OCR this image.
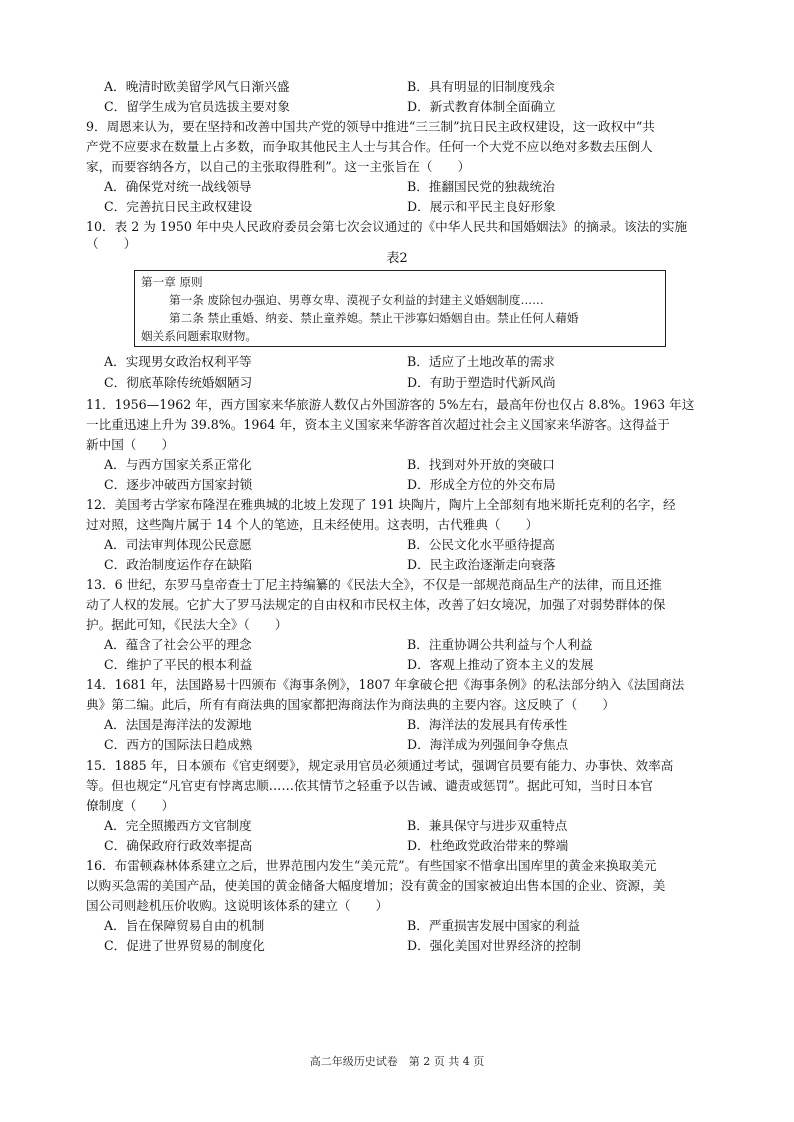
A．晚清时欧美留学风气日渐兴盛	B．具有明显的旧制度残余
C．留学生成为官员选拔主要对象	D．新式教育体制全面确立
9．周恩来认为，要在坚持和改善中国共产党的领导中推进“三三制”抗日民主政权建设，这一政权中“共
产党不应要求在数量上占多数，而争取其他民主人士与其合作。任何一个大党不应以绝对多数去压倒人
家，而要容纳各方，以自己的主张取得胜利”。这一主张旨在（　　）
A．确保党对统一战线领导	B．推翻国民党的独裁统治
C．完善抗日民主政权建设	D．展示和平民主良好形象
10．表 2 为 1950 年中央人民政府委员会第七次会议通过的《中华人民共和国婚姻法》的摘录。该法的实施
（　　）
表2
第一章 原则
第一条 废除包办强迫、男尊女卑、漠视子女利益的封建主义婚姻制度……
第二条 禁止重婚、纳妾、禁止童养媳。禁止干涉寡妇婚姻自由。禁止任何人藉婚
姻关系问题索取财物。
A．实现男女政治权利平等	B．适应了土地改革的需求
C．彻底革除传统婚姻陋习	D．有助于塑造时代新风尚
11．1956—1962 年，西方国家来华旅游人数仅占外国游客的 5%左右，最高年份也仅占 8.8%。1963 年这
一比重迅速上升为 39.8%。1964 年，资本主义国家来华游客首次超过社会主义国家来华游客。这得益于
新中国（　　）
A．与西方国家关系正常化	B．找到对外开放的突破口
C．逐步冲破西方国家封锁	D．形成全方位的外交布局
12．美国考古学家布隆涅在雅典城的北坡上发现了 191 块陶片，陶片上全部刻有地米斯托克利的名字，经
过对照，这些陶片属于 14 个人的笔迹，且未经使用。这表明，古代雅典（　　）
A．司法审判体现公民意愿	B．公民文化水平亟待提高
C．政治制度运作存在缺陷	D．民主政治逐渐走向衰落
13．6 世纪，东罗马皇帝查士丁尼主持编纂的《民法大全》，不仅是一部规范商品生产的法律，而且还推
动了人权的发展。它扩大了罗马法规定的自由权和市民权主体，改善了妇女境况，加强了对弱势群体的保
护。据此可知，《民法大全》（　　）
A．蕴含了社会公平的理念	B．注重协调公共利益与个人利益
C．维护了平民的根本利益	D．客观上推动了资本主义的发展
14．1681 年，法国路易十四颁布《海事条例》，1807 年拿破仑把《海事条例》的私法部分纳入《法国商法
典》第二编。此后，所有有商法典的国家都把海商法作为商法典的主要内容。这反映了（　　）
A．法国是海洋法的发源地	B．海洋法的发展具有传承性
C．西方的国际法日趋成熟	D．海洋成为列强间争夺焦点
15．1885 年，日本颁布《官吏纲要》，规定录用官员必须通过考试，强调官员要有能力、办事快、效率高
等。但也规定“凡官吏有悖离忠顺……依其情节之轻重予以告诫、谴责或惩罚”。据此可知，当时日本官
僚制度（　　）
A．完全照搬西方文官制度	B．兼具保守与进步双重特点
C．确保政府行政效率提高	D．杜绝政党政治带来的弊端
16．布雷顿森林体系建立之后，世界范围内发生“美元荒”。有些国家不惜拿出国库里的黄金来换取美元
以购买急需的美国产品，使美国的黄金储备大幅度增加；没有黄金的国家被迫出售本国的企业、资源，美
国公司则趁机压价收购。这说明该体系的建立（　　）
A．旨在保障贸易自由的机制	B．严重损害发展中国家的利益
C．促进了世界贸易的制度化	D．强化美国对世界经济的控制
高二年级历史试卷　第 2 页 共 4 页
